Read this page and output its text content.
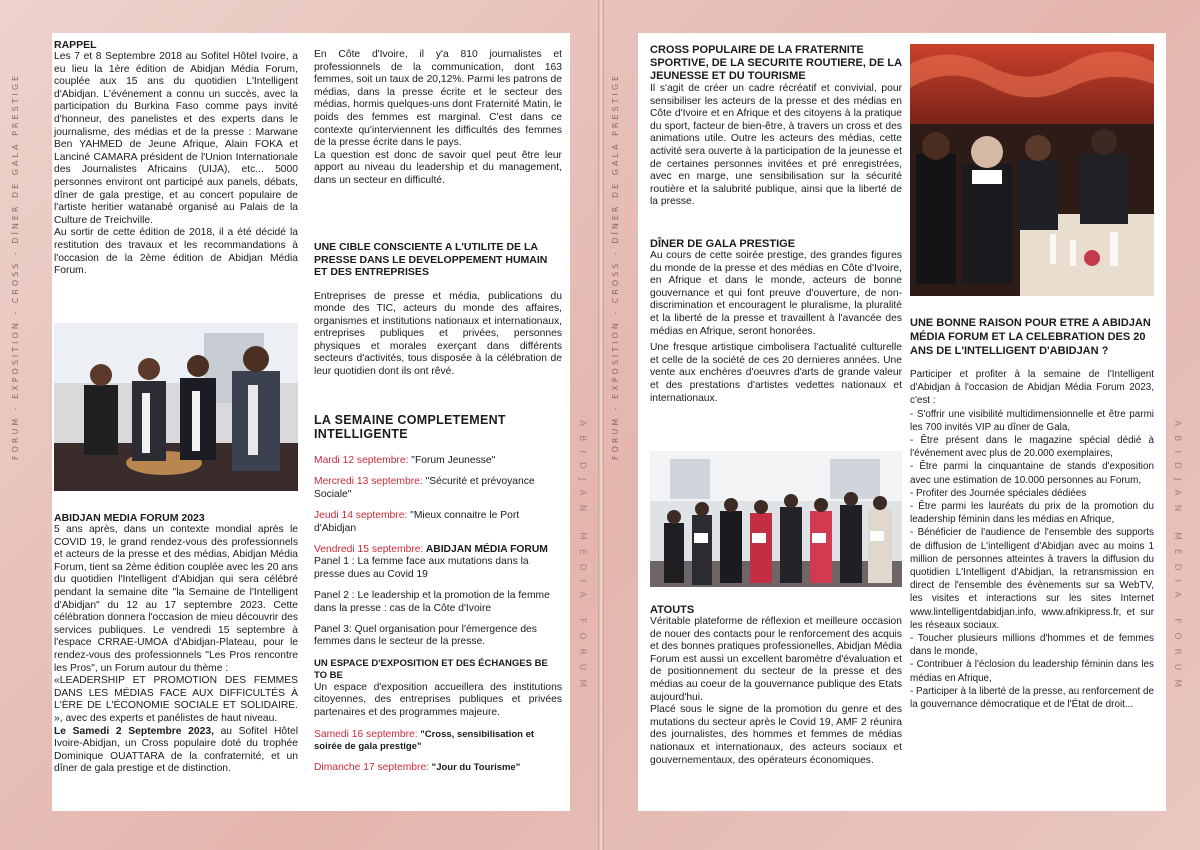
FORUM - EXPOSITION - CROSS - DÎNER DE GALA PRESTIGE
ABIDJAN MÉDIA FORUM
FORUM - EXPOSITION - CROSS - DÎNER DE GALA PRESTIGE
ABIDJAN MÉDIA FORUM

RAPPEL

Les 7 et 8 Septembre 2018 au Sofitel Hôtel Ivoire, a eu lieu la 1ère édition de Abidjan Média Forum, couplée aux 15 ans du quotidien L'Intelligent d'Abidjan. L'événement a connu un succès, avec la participation du Burkina Faso comme pays invité d'honneur, des panelistes et des experts dans le journalisme, des médias et de la presse : Marwane Ben YAHMED de Jeune Afrique, Alain FOKA et Lanciné CAMARA président de l'Union Internationale des Journalistes Africains (UIJA), etc... 5000 personnes environt ont participé aux panels, débats, dîner de gala prestige, et au concert populaire de l'artiste heritier watanabé organisé au Palais de la Culture de Treichville.

Au sortir de cette édition de 2018, il a été décidé la restitution des travaux et les recommandations à l'occasion de la 2ème édition de Abidjan Média Forum.

ABIDJAN MEDIA FORUM 2023

5 ans après, dans un contexte mondial après le COVID 19, le grand rendez-vous des professionnels et acteurs de la presse et des médias, Abidjan Média Forum, tient sa 2ème édition couplée avec les 20 ans du quotidien l'Intelligent d'Abidjan qui sera célébré pendant la semaine dite "la Semaine de l'Intelligent d'Abidjan" du 12 au 17 septembre 2023. Cette célébration donnera l'occasion de mieu découvrir des services publiques. Le vendredi 15 septembre à l'espace CRRAE-UMOA d'Abidjan-Plateau, pour le rendez-vous des professionnels "Les Pros rencontre les Pros", un Forum autour du thème :

«LEADERSHIP ET PROMOTION DES FEMMES DANS LES MÉDIAS FACE AUX DIFFICULTÉS À L'ÈRE DE L'ÉCONOMIE SOCIALE ET SOLIDAIRE. », avec des experts et panélistes de haut niveau.

Le Samedi 2 Septembre 2023, au Sofitel Hôtel Ivoire-Abidjan, un Cross populaire doté du trophée Dominique OUATTARA de la confraternité, et un dîner de gala prestige et de distinction.

En Côte d'Ivoire, il y'a 810 journalistes et professionnels de la communication, dont 163 femmes, soit un taux de 20,12%. Parmi les patrons de médias, dans la presse écrite et le secteur des médias, hormis quelques-uns dont Fraternité Matin, le poids des femmes est marginal. C'est dans ce contexte qu'interviennent les difficultés des femmes de la presse écrite dans le pays.

La question est donc de savoir quel peut être leur apport au niveau du leadership et du management, dans un secteur en difficulté.

UNE CIBLE CONSCIENTE A L'UTILITE DE LA PRESSE DANS LE DEVELOPPEMENT HUMAIN ET DES ENTREPRISES

Entreprises de presse et média, publications du monde des TIC, acteurs du monde des affaires, organismes et institutions nationaux et internationaux, entreprises publiques et privées, personnes physiques et morales exerçant dans différents secteurs d'activités, tous disposée à la célébration de leur quotidien dont ils ont rêvé.

LA SEMAINE COMPLETEMENT INTELLIGENTE

Mardi 12 septembre: "Forum Jeunesse"

Mercredi 13 septembre: "Sécurité et prévoyance Sociale"

Jeudi 14 septembre: "Mieux connaitre le Port d'Abidjan

Vendredi 15 septembre: ABIDJAN MÉDIA FORUM

Panel 1 : La femme face aux mutations dans la presse dues au Covid 19

Panel 2 : Le leadership et la promotion de la femme dans la presse : cas de la Côte d'Ivoire

Panel 3: Quel organisation pour l'émergence des femmes dans le secteur de la presse.

UN ESPACE D'EXPOSITION ET DES ÉCHANGES BE TO BE

Un espace d'exposition accueillera des institutions citoyennes, des entreprises publiques et privées partenaires et des programmes majeure.

Samedi 16 septembre: "Cross, sensibilisation et soirée de gala prestige"

Dimanche 17 septembre: "Jour du Tourisme"

CROSS POPULAIRE DE LA FRATERNITE SPORTIVE, DE LA SECURITE ROUTIERE, DE LA JEUNESSE ET DU TOURISME

Il s'agit de créer un cadre récréatif et convivial, pour sensibiliser les acteurs de la presse et des médias en Côte d'Ivoire et en Afrique et des citoyens à la pratique du sport, facteur de bien-être, à travers un cross et des animations utile. Outre les acteurs des médias, cette activité sera ouverte à la participation de la jeunesse et de certaines personnes invitées et pré enregistrées, avec en marge, une sensibilisation sur la sécurité routière et la salubrité publique, ainsi que la liberté de la presse.

DÎNER DE GALA PRESTIGE

Au cours de cette soirée prestige, des grandes figures du monde de la presse et des médias en Côte d'Ivoire, en Afrique et dans le monde, acteurs de bonne gouvernance et qui font preuve d'ouverture, de non-discrimination et encouragent le pluralisme, la pluralité et la liberté de la presse et travaillent à l'avancée des médias en Afrique, seront honorées.

Une fresque artistique cimbolisera l'actualité culturelle et celle de la société de ces 20 dernieres années. Une vente aux enchères d'oeuvres d'arts de grande valeur et des prestations d'artistes vedettes nationaux et internationaux.

ATOUTS

Véritable plateforme de réflexion et meilleure occasion de nouer des contacts pour le renforcement des acquis et des bonnes pratiques professionelles, Abidjan Média Forum est aussi un excellent baromètre d'évaluation et de positionnement du secteur de la presse et des médias au coeur de la gouvernance publique des Etats aujourd'hui.

Placé sous le signe de la promotion du genre et des mutations du secteur après le Covid 19, AMF 2 réunira des journalistes, des hommes et femmes de médias nationaux et internationaux, des acteurs sociaux et gouvernementaux, des opérateurs économiques.

UNE BONNE RAISON POUR ETRE A ABIDJAN MÉDIA FORUM ET LA CELEBRATION DES 20 ANS DE L'INTELLIGENT D'ABIDJAN ?

Participer et profiter à la semaine de l'Intelligent d'Abidjan à l'occasion de Abidjan Média Forum 2023, c'est :

- S'offrir une visibilité multidimensionnelle et être parmi les 700 invités VIP au dîner de Gala,

- Être présent dans le magazine spécial dédié à l'événement avec plus de 20.000 exemplaires,

- Être parmi la cinquantaine de stands d'exposition avec une estimation de 10.000 personnes au Forum,

- Profiter des Journée spéciales dédiées

- Être parmi les lauréats du prix de la promotion du leadership féminin dans les médias en Afrique,

- Bénéficier de l'audience de l'ensemble des supports de diffusion de L'intelligent d'Abidjan avec au moins 1 million de personnes atteintes à travers la diffusion du quotidien L'Intelligent d'Abidjan, la retransmission en direct de l'ensemble des évènements sur sa WebTV, les visites et interactions sur les sites Internet www.lintelligentdabidjan.info, www.afrikipress.fr, et sur les réseaux sociaux.

- Toucher plusieurs millions d'hommes et de femmes dans le monde,

- Contribuer à l'éclosion du leadership féminin dans les médias en Afrique,

- Participer à la liberté de la presse, au renforcement de la gouvernance démocratique et de l'État de droit...
